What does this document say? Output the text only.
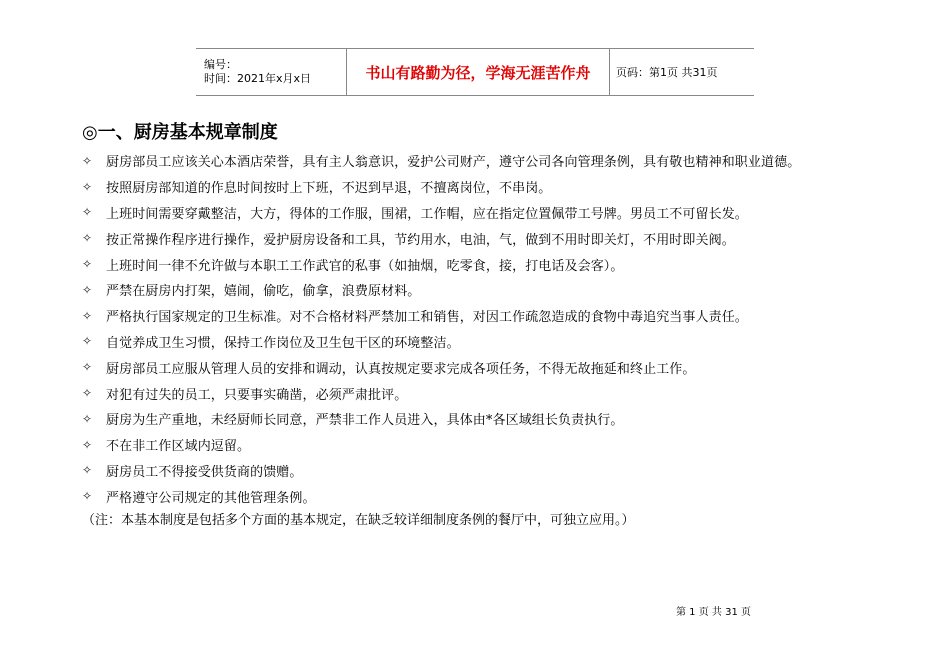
编号：
时间：2021年x月x日	书山有路勤为径，学海无涯苦作舟	页码：第1页 共31页
◎一、厨房基本规章制度
✧	厨房部员工应该关心本酒店荣誉，具有主人翁意识，爱护公司财产，遵守公司各向管理条例，具有敬也精神和职业道德。
✧	按照厨房部知道的作息时间按时上下班，不迟到早退，不擅离岗位，不串岗。
✧	上班时间需要穿戴整洁，大方，得体的工作服，围裙，工作帽，应在指定位置佩带工号牌。男员工不可留长发。
✧	按正常操作程序进行操作，爱护厨房设备和工具，节约用水，电油，气，做到不用时即关灯，不用时即关阀。
✧	上班时间一律不允许做与本职工工作武官的私事（如抽烟，吃零食，接，打电话及会客）。
✧	严禁在厨房内打架，嬉闹，偷吃，偷拿，浪费原材料。
✧	严格执行国家规定的卫生标准。对不合格材料严禁加工和销售，对因工作疏忽造成的食物中毒追究当事人责任。
✧	自觉养成卫生习惯，保持工作岗位及卫生包干区的环境整洁。
✧	厨房部员工应服从管理人员的安排和调动，认真按规定要求完成各项任务，不得无故拖延和终止工作。
✧	对犯有过失的员工，只要事实确凿，必须严肃批评。
✧	厨房为生产重地，未经厨师长同意，严禁非工作人员进入，具体由*各区域组长负责执行。
✧	不在非工作区域内逗留。
✧	厨房员工不得接受供货商的馈赠。
✧	严格遵守公司规定的其他管理条例。
（注：本基本制度是包括多个方面的基本规定，在缺乏较详细制度条例的餐厅中，可独立应用。）
第 1 页 共 31 页
